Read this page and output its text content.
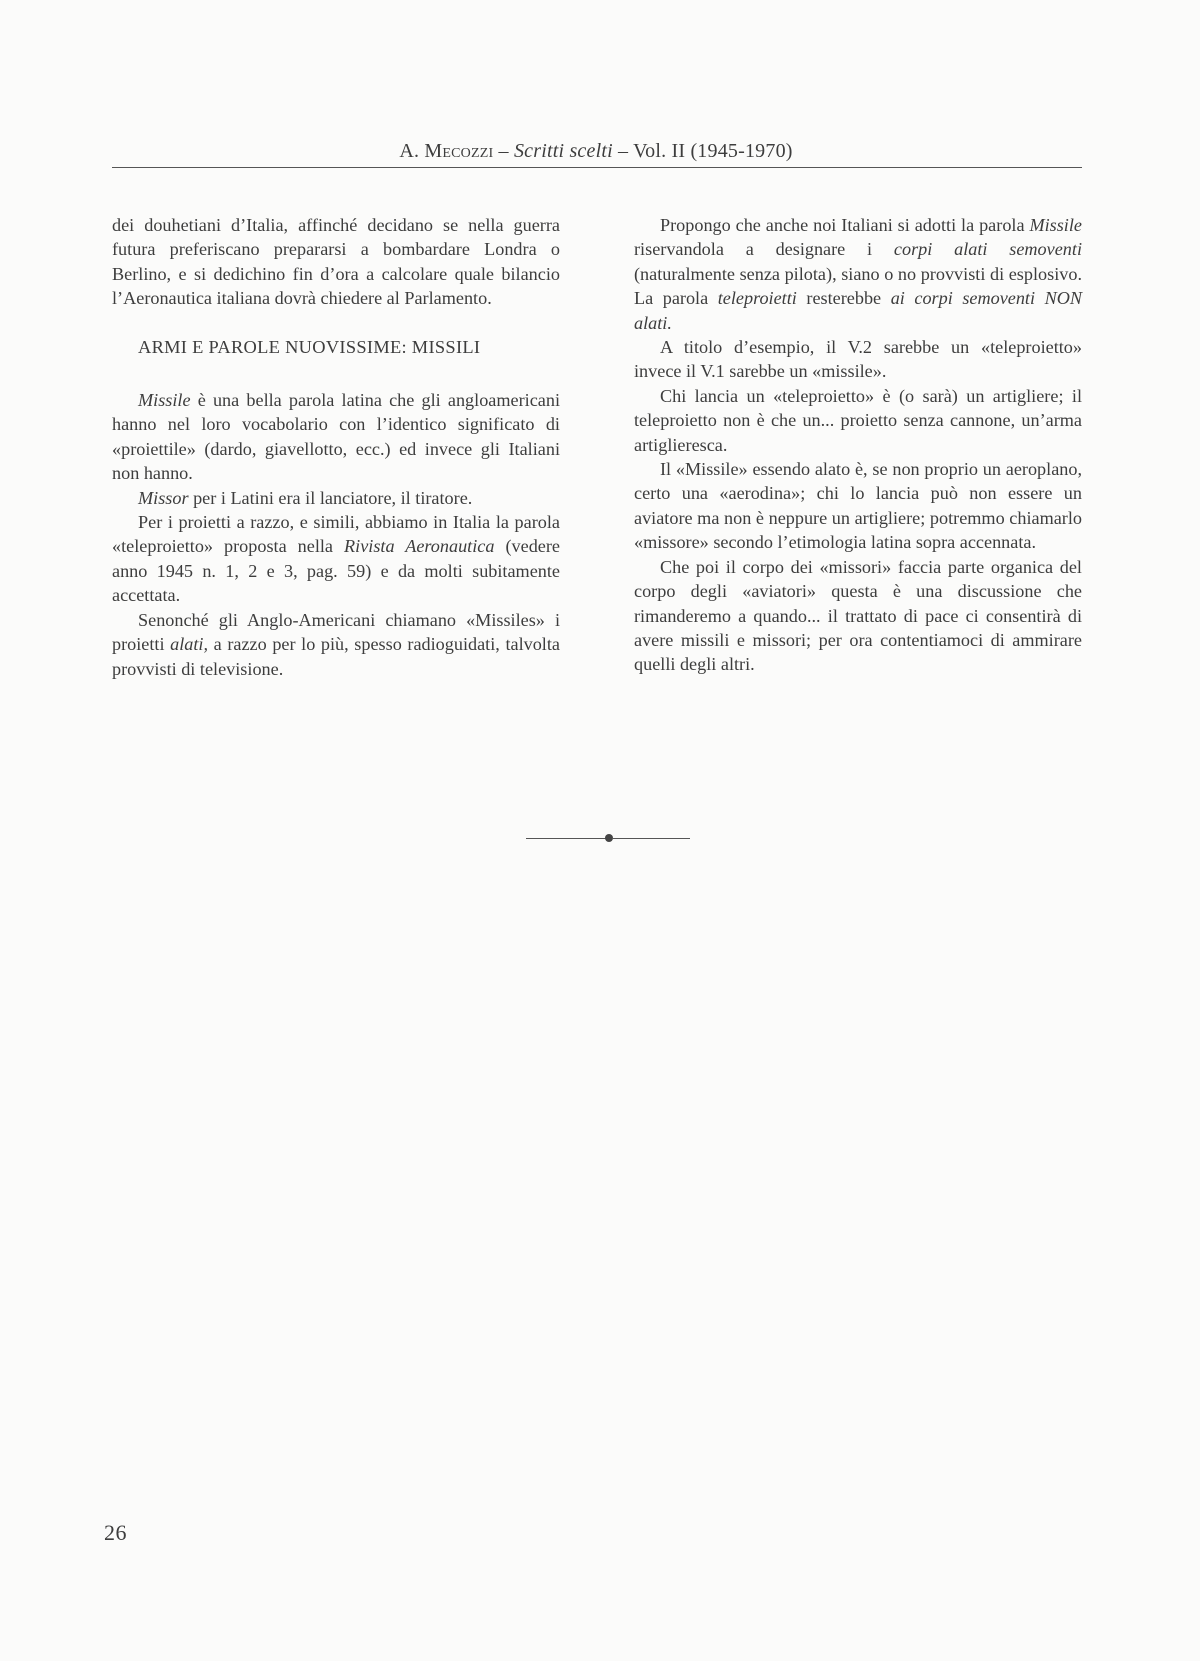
A. Mecozzi – Scritti scelti – Vol. II (1945-1970)

dei douhetiani d’Italia, affinché decidano se nella guerra futura preferiscano prepararsi a bombardare Londra o Berlino, e si dedichino fin d’ora a calcolare quale bilancio l’Aeronautica italiana dovrà chiedere al Parlamento.

ARMI E PAROLE NUOVISSIME: MISSILI

Missile è una bella parola latina che gli angloamericani hanno nel loro vocabolario con l’identico significato di «proiettile» (dardo, giavellotto, ecc.) ed invece gli Italiani non hanno.

Missor per i Latini era il lanciatore, il tiratore.

Per i proietti a razzo, e simili, abbiamo in Italia la parola «teleproietto» proposta nella Rivista Aeronautica (vedere anno 1945 n. 1, 2 e 3, pag. 59) e da molti subitamente accettata.

Senonché gli Anglo-Americani chiamano «Missiles» i proietti alati, a razzo per lo più, spesso radioguidati, talvolta provvisti di televisione.

Propongo che anche noi Italiani si adotti la parola Missile riservandola a designare i corpi alati semoventi (naturalmente senza pilota), siano o no provvisti di esplosivo. La parola teleproietti resterebbe ai corpi semoventi NON alati.

A titolo d’esempio, il V.2 sarebbe un «teleproietto» invece il V.1 sarebbe un «missile».

Chi lancia un «teleproietto» è (o sarà) un artigliere; il teleproietto non è che un... proietto senza cannone, un’arma artiglieresca.

Il «Missile» essendo alato è, se non proprio un aeroplano, certo una «aerodina»; chi lo lancia può non essere un aviatore ma non è neppure un artigliere; potremmo chiamarlo «missore» secondo l’etimologia latina sopra accennata.

Che poi il corpo dei «missori» faccia parte organica del corpo degli «aviatori» questa è una discussione che rimanderemo a quando... il trattato di pace ci consentirà di avere missili e missori; per ora contentiamoci di ammirare quelli degli altri.

26
